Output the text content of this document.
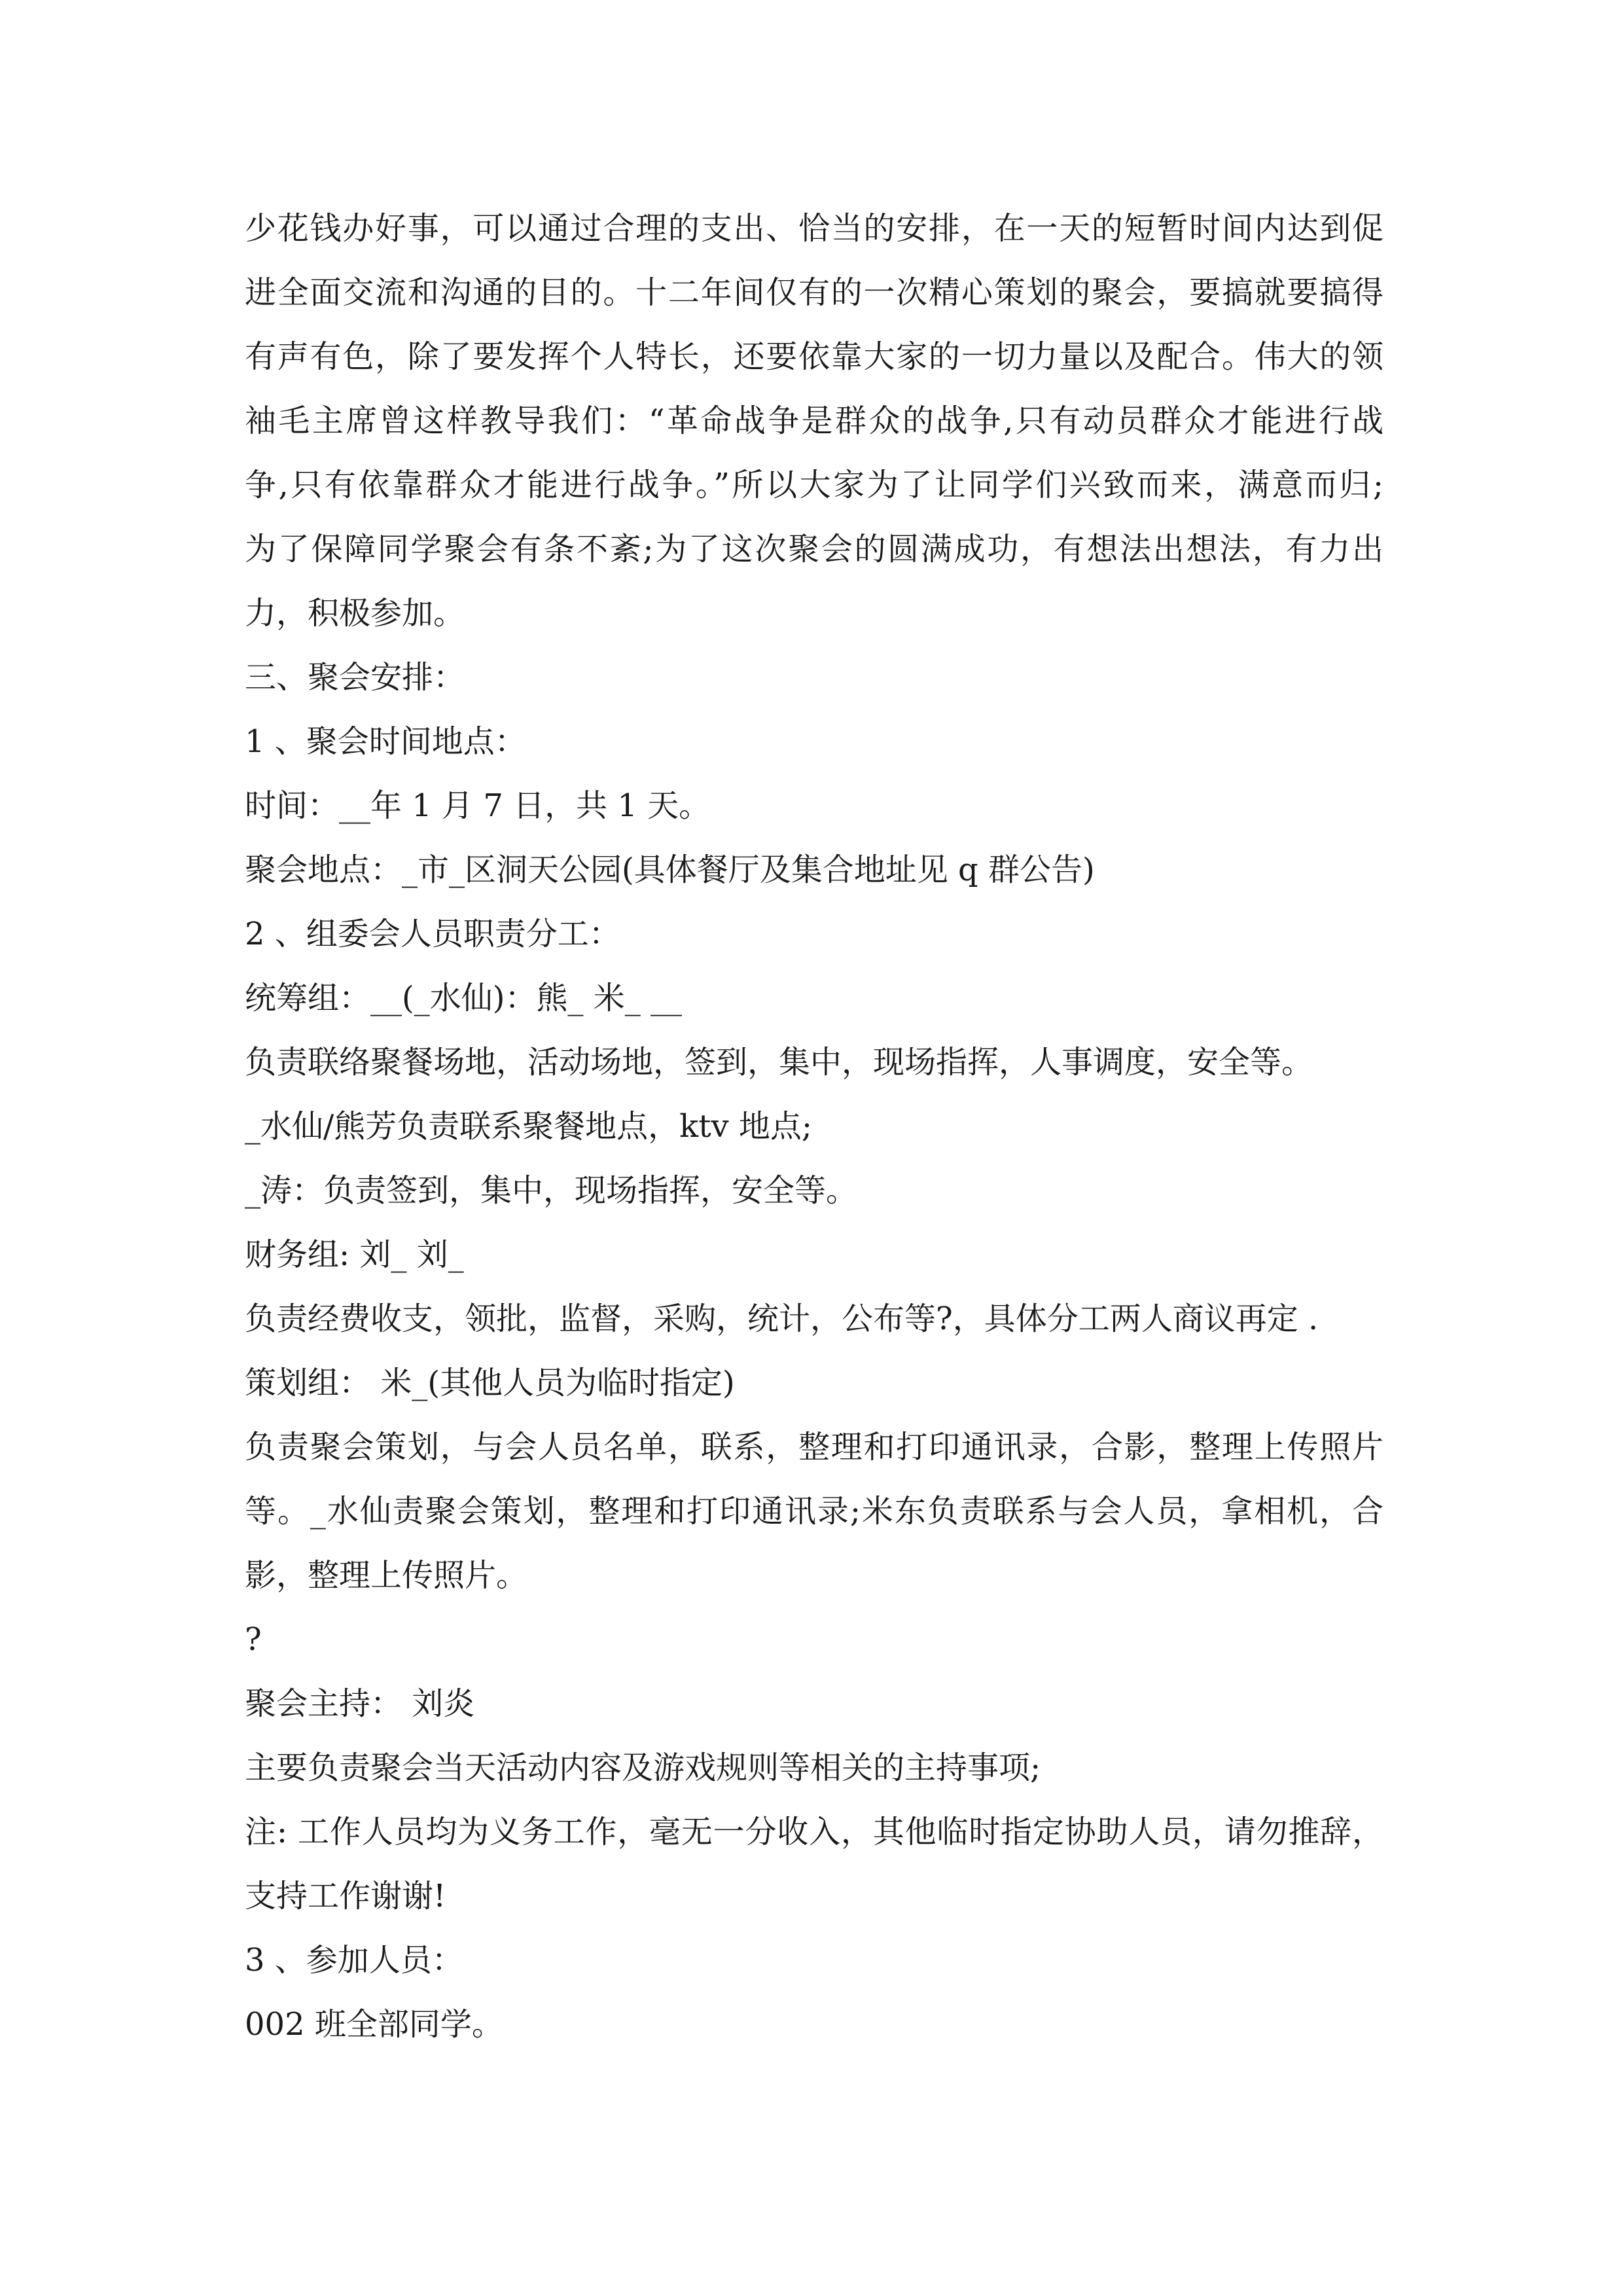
少花钱办好事，可以通过合理的支出、恰当的安排，在一天的短暂时间内达到促
进全面交流和沟通的目的。十二年间仅有的一次精心策划的聚会，要搞就要搞得
有声有色，除了要发挥个人特长，还要依靠大家的一切力量以及配合。伟大的领
袖毛主席曾这样教导我们：“革命战争是群众的战争,只有动员群众才能进行战
争,只有依靠群众才能进行战争。”所以大家为了让同学们兴致而来，满意而归;
为了保障同学聚会有条不紊;为了这次聚会的圆满成功，有想法出想法，有力出
力，积极参加。
三、聚会安排：
1 、聚会时间地点：
时间：__年 1 月 7 日，共 1 天。
聚会地点：_市_区洞天公园(具体餐厅及集合地址见 q 群公告)
2 、组委会人员职责分工：
统筹组：__(_水仙)：熊_ 米_ __
负责联络聚餐场地，活动场地，签到，集中，现场指挥，人事调度，安全等。
_水仙/熊芳负责联系聚餐地点，ktv 地点;
_涛：负责签到，集中，现场指挥，安全等。
财务组: 刘_ 刘_
负责经费收支，领批，监督，采购，统计，公布等?，具体分工两人商议再定 .
策划组： 米_(其他人员为临时指定)
负责聚会策划，与会人员名单，联系，整理和打印通讯录，合影，整理上传照片
等。_水仙责聚会策划，整理和打印通讯录;米东负责联系与会人员，拿相机，合
影，整理上传照片。
?
聚会主持： 刘炎
主要负责聚会当天活动内容及游戏规则等相关的主持事项;
注: 工作人员均为义务工作，毫无一分收入，其他临时指定协助人员，请勿推辞，
支持工作谢谢!
3 、参加人员：
002 班全部同学。
